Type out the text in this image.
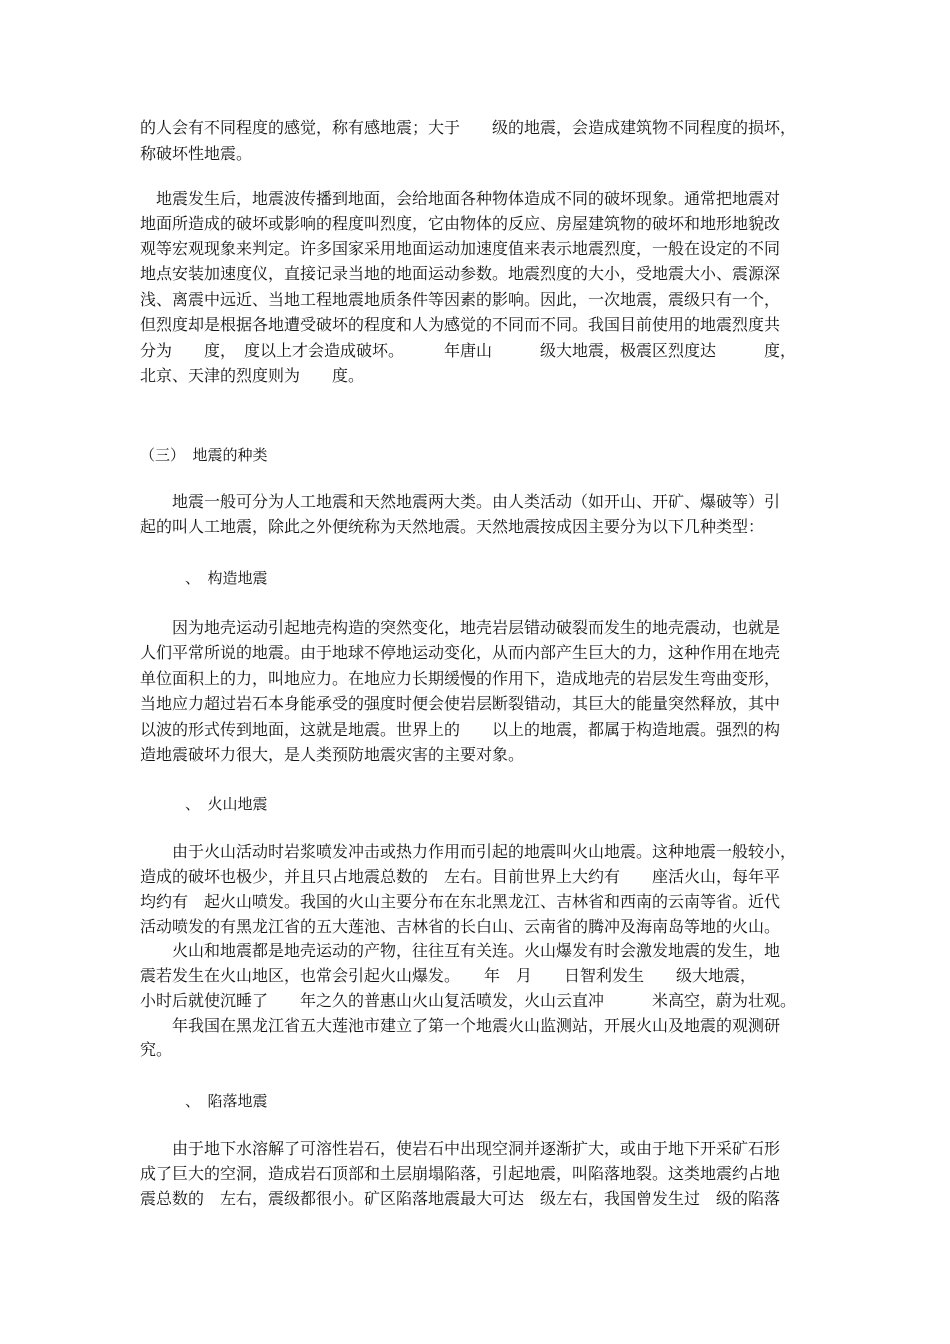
的人会有不同程度的感觉，称有感地震；大于　　级的地震，会造成建筑物不同程度的损坏，
称破坏性地震。
　地震发生后，地震波传播到地面，会给地面各种物体造成不同的破坏现象。通常把地震对
地面所造成的破坏或影响的程度叫烈度，它由物体的反应、房屋建筑物的破坏和地形地貌改
观等宏观现象来判定。许多国家采用地面运动加速度值来表示地震烈度，一般在设定的不同
地点安装加速度仪，直接记录当地的地面运动参数。地震烈度的大小，受地震大小、震源深
浅、离震中远近、当地工程地震地质条件等因素的影响。因此，一次地震，震级只有一个，
但烈度却是根据各地遭受破坏的程度和人为感觉的不同而不同。我国目前使用的地震烈度共
分为　　度，　度以上才会造成破坏。　　　年唐山　　　级大地震，极震区烈度达　　　度，
北京、天津的烈度则为　　度。
（三）　地震的种类
　　地震一般可分为人工地震和天然地震两大类。由人类活动（如开山、开矿、爆破等）引
起的叫人工地震，除此之外便统称为天然地震。天然地震按成因主要分为以下几种类型：
　　　、　构造地震
　　因为地壳运动引起地壳构造的突然变化，地壳岩层错动破裂而发生的地壳震动，也就是
人们平常所说的地震。由于地球不停地运动变化，从而内部产生巨大的力，这种作用在地壳
单位面积上的力，叫地应力。在地应力长期缓慢的作用下，造成地壳的岩层发生弯曲变形，
当地应力超过岩石本身能承受的强度时便会使岩层断裂错动，其巨大的能量突然释放，其中
以波的形式传到地面，这就是地震。世界上的　　以上的地震，都属于构造地震。强烈的构
造地震破坏力很大，是人类预防地震灾害的主要对象。
　　　、　火山地震
　　由于火山活动时岩浆喷发冲击或热力作用而引起的地震叫火山地震。这种地震一般较小，
造成的破坏也极少，并且只占地震总数的　左右。目前世界上大约有　　座活火山，每年平
均约有　起火山喷发。我国的火山主要分布在东北黑龙江、吉林省和西南的云南等省。近代
活动喷发的有黑龙江省的五大莲池、吉林省的长白山、云南省的腾冲及海南岛等地的火山。
　　火山和地震都是地壳运动的产物，往往互有关连。火山爆发有时会激发地震的发生，地
震若发生在火山地区，也常会引起火山爆发。　　年　月　　日智利发生　　级大地震，
小时后就使沉睡了　　年之久的普惠山火山复活喷发，火山云直冲　　　米高空，蔚为壮观。
　　年我国在黑龙江省五大莲池市建立了第一个地震火山监测站，开展火山及地震的观测研
究。
　　　、　陷落地震
　　由于地下水溶解了可溶性岩石，使岩石中出现空洞并逐渐扩大，或由于地下开采矿石形
成了巨大的空洞，造成岩石顶部和土层崩塌陷落，引起地震，叫陷落地裂。这类地震约占地
震总数的　左右，震级都很小。矿区陷落地震最大可达　级左右，我国曾发生过　级的陷落
